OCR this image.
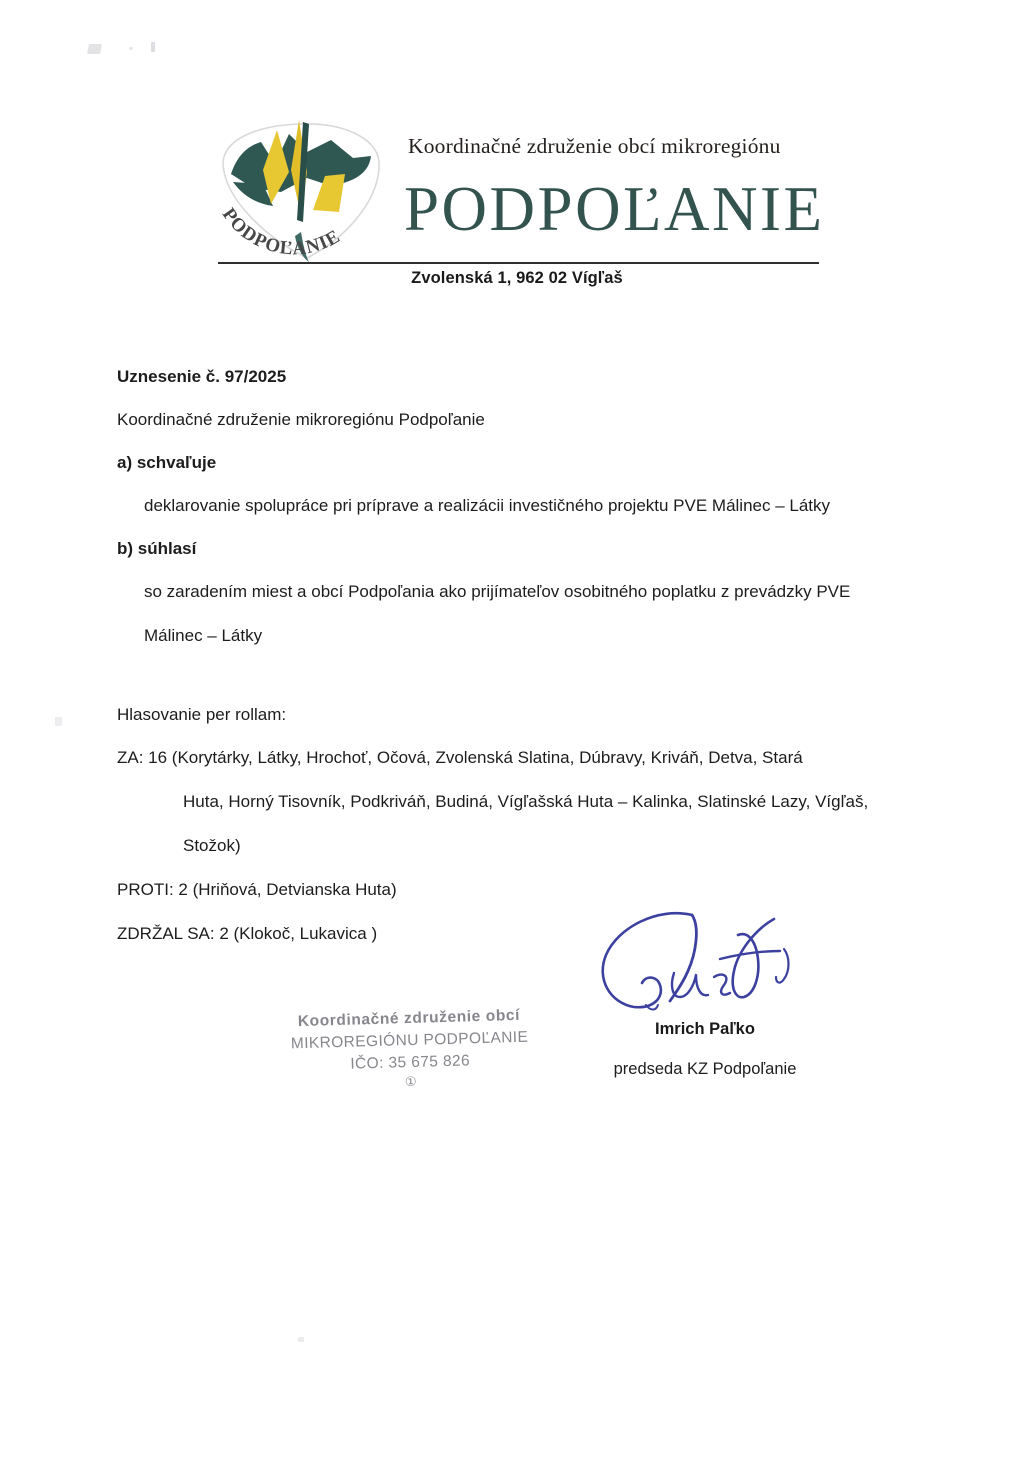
PODPOĽANIE
Koordinačné združenie obcí mikroregiónu
PODPOĽANIE
Zvolenská 1, 962 02 Vígľaš
Uznesenie č. 97/2025
Koordinačné združenie mikroregiónu Podpoľanie
a) schvaľuje
deklarovanie spolupráce pri príprave a realizácii investičného projektu PVE Málinec – Látky
b) súhlasí
so zaradením miest a obcí Podpoľania ako prijímateľov osobitného poplatku z prevádzky PVE
Málinec – Látky
Hlasovanie per rollam:
ZA: 16 (Korytárky, Látky, Hrochoť, Očová, Zvolenská Slatina, Dúbravy, Kriváň, Detva, Stará
Huta, Horný Tisovník, Podkriváň, Budiná, Vígľašská Huta – Kalinka, Slatinské Lazy, Vígľaš,
Stožok)
PROTI: 2 (Hriňová, Detvianska Huta)
ZDRŽAL SA: 2 (Klokoč, Lukavica )
Imrich Paľko
predseda KZ Podpoľanie
Koordinačné združenie obcí
MIKROREGIÓNU PODPOĽANIE
IČO: 35 675 826
①
